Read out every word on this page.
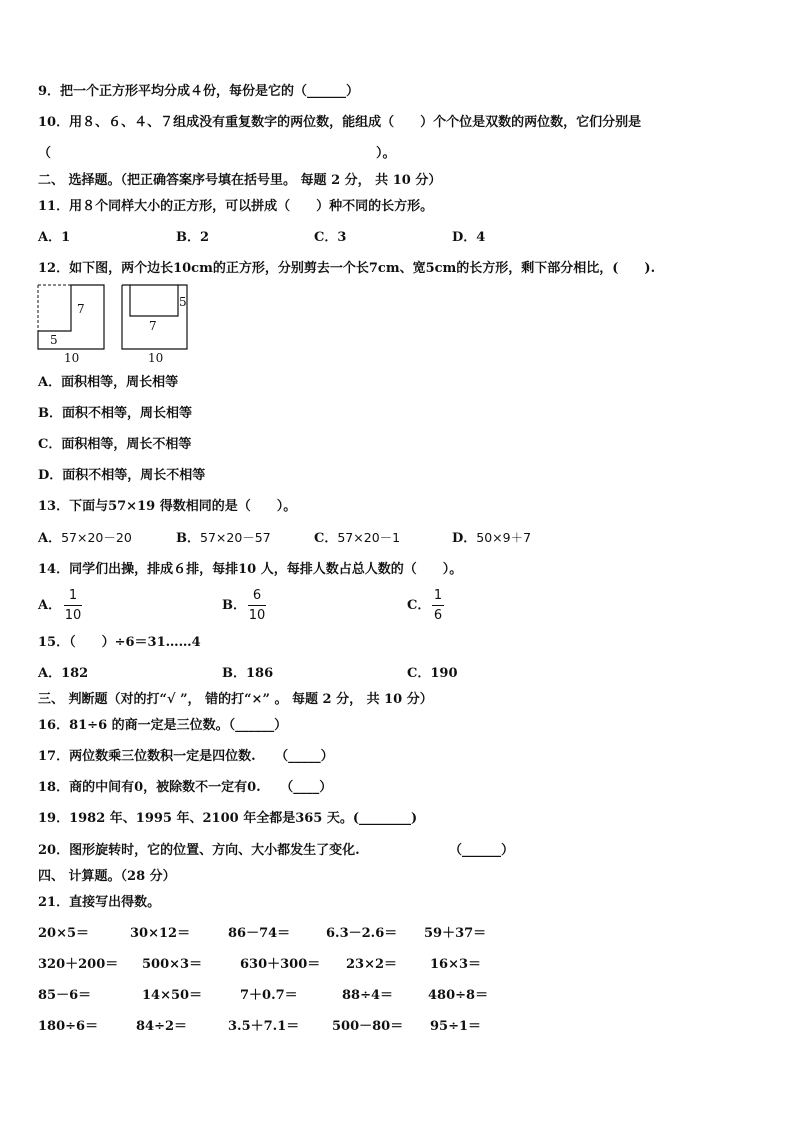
9．把一个正方形平均分成４份，每份是它的（______）
10．用８、６、４、７组成没有重复数字的两位数，能组成（　　）个个位是双数的两位数，它们分别是
（　　　　　　　　　　　　　　　　　　　　　　　　　）。
二、 选择题。（把正确答案序号填在括号里。 每题 2 分， 共 10 分）
11．用８个同样大小的正方形，可以拼成（　　）种不同的长方形。
A．1	B．2	C．3	D．4
12．如下图，两个边长10cm的正方形，分别剪去一个长7cm、宽5cm的长方形，剩下部分相比，(　　).
7
5
10
5
7
10
A．面积相等，周长相等
B．面积不相等，周长相等
C．面积相等，周长不相等
D．面积不相等，周长不相等
13．下面与57×19 得数相同的是（　　）。
A．57×20－20	B．57×20－57	C．57×20－1	D．50×9＋7
14．同学们出操，排成６排，每排10 人，每排人数占总人数的（　　）。
A．
1
10
B．
6
10
C．
1
6
15．（　　）÷6＝31……4
A．182	B．186	C．190
三、 判断题（对的打“√ ”， 错的打“×” 。 每题 2 分， 共 10 分）
16．81÷6 的商一定是三位数。（______）
17．两位数乘三位数积一定是四位数.　　（_____）
18．商的中间有0，被除数不一定有0.　　（____）
19．1982 年、1995 年、2100 年全都是365 天。(________)
20．图形旋转时，它的位置、方向、大小都发生了变化.	（______）
四、 计算题。（28 分）
21．直接写出得数。
20×5＝	30×12＝	86－74＝	6.3－2.6＝ 59＋37＝
320＋200＝ 500×3＝	630＋300＝ 23×2＝	16×3＝
85－6＝	14×50＝	7＋0.7＝	88÷4＝	480÷8＝
180÷6＝	84÷2＝	3.5＋7.1＝	500－80＝ 95÷1＝
